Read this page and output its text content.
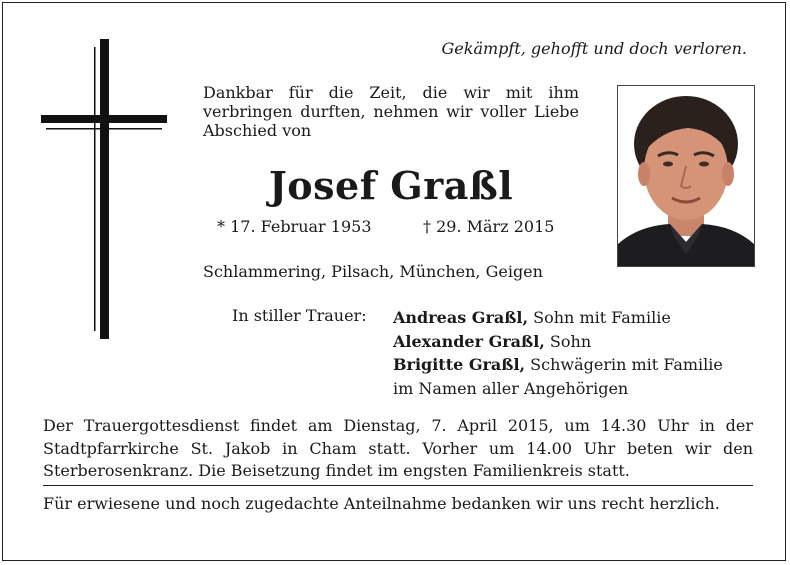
Gekämpft, gehofft und doch verloren.
Dankbar für die Zeit, die wir mit ihm verbringen durften, nehmen wir voller Liebe Abschied von
Josef Graßl
* 17. Februar 1953	† 29. März 2015
Schlammering, Pilsach, München, Geigen
In stiller Trauer: Andreas Graßl, Sohn mit Familie
Alexander Graßl, Sohn
Brigitte Graßl, Schwägerin mit Familie
im Namen aller Angehörigen
Der Trauergottesdienst findet am Dienstag, 7. April 2015, um 14.30 Uhr in der Stadtpfarrkirche St. Jakob in Cham statt. Vorher um 14.00 Uhr beten wir den Sterberosenkranz. Die Beisetzung findet im engsten Familienkreis statt.
Für erwiesene und noch zugedachte Anteilnahme bedanken wir uns recht herzlich.
